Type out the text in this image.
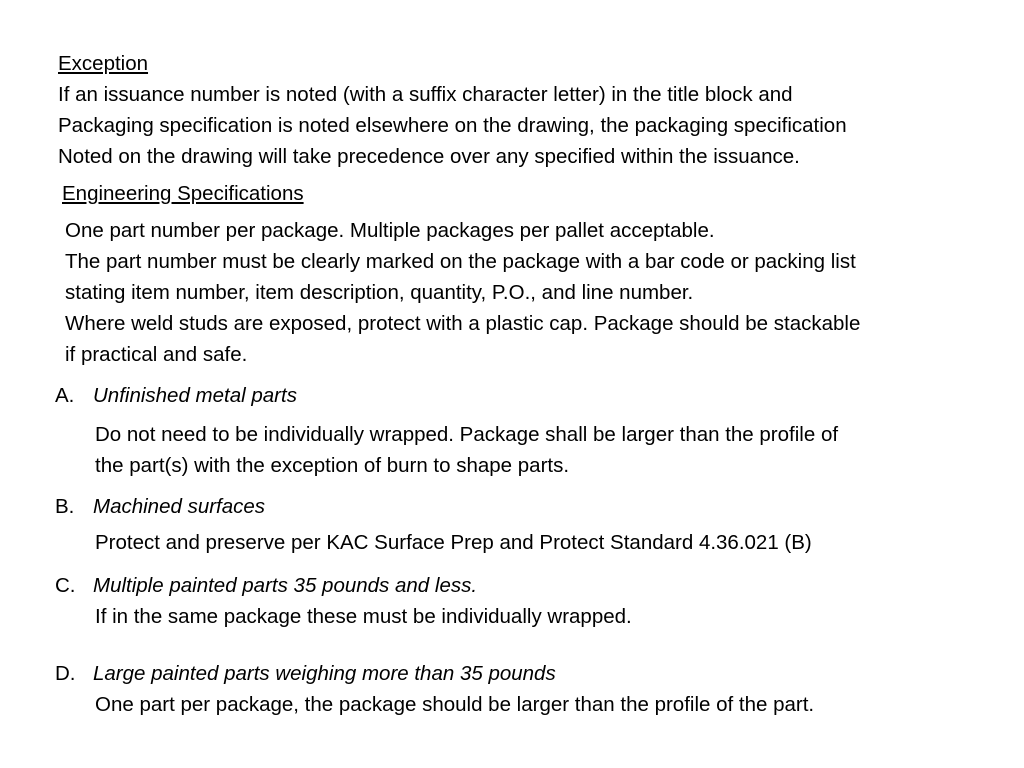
Exception
If an issuance number is noted (with a suffix character letter) in the title block and
Packaging specification is noted elsewhere on the drawing, the packaging specification
Noted on the drawing will take precedence over any specified within the issuance.
Engineering Specifications
One part number per package. Multiple packages per pallet acceptable.
The part number must be clearly marked on the package with a bar code or packing list
stating item number, item description, quantity, P.O., and line number.
Where weld studs are exposed, protect with a plastic cap. Package should be stackable
if practical and safe.
A. Unfinished metal parts
Do not need to be individually wrapped. Package shall be larger than the profile of
the part(s) with the exception of burn to shape parts.
B. Machined surfaces
Protect and preserve per KAC Surface Prep and Protect Standard 4.36.021 (B)
C. Multiple painted parts 35 pounds and less.
If in the same package these must be individually wrapped.
D. Large painted parts weighing more than 35 pounds
One part per package, the package should be larger than the profile of the part.
